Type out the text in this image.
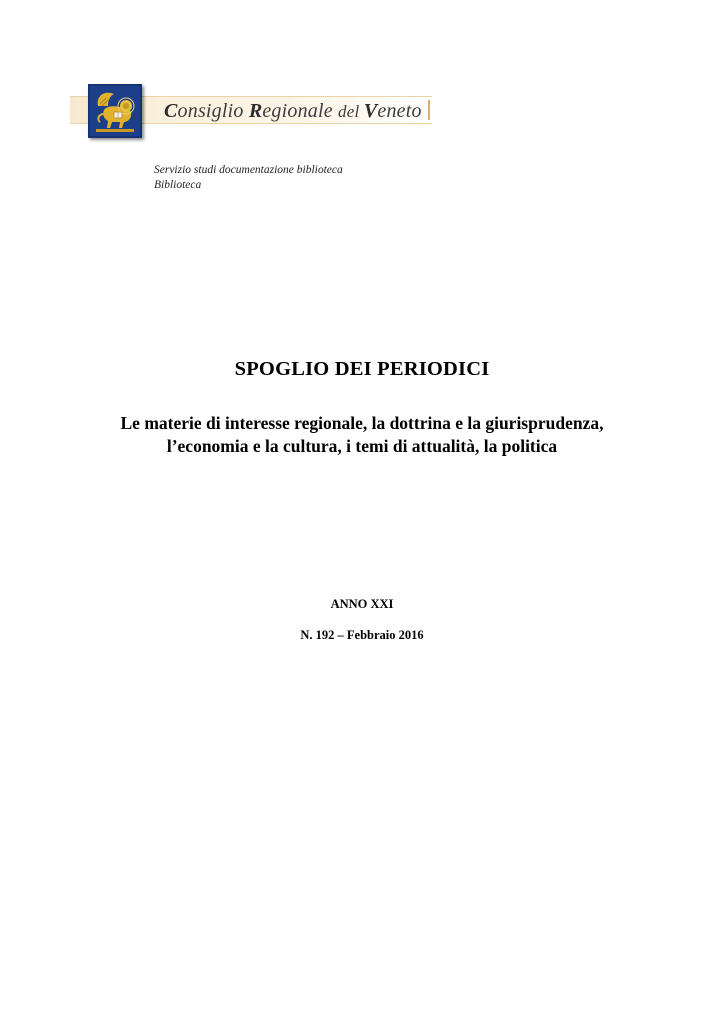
Consiglio Regionale del Veneto
Servizio studi documentazione biblioteca
Biblioteca
SPOGLIO DEI PERIODICI
Le materie di interesse regionale, la dottrina e la giurisprudenza,
l’economia e la cultura, i temi di attualità, la politica
ANNO XXI
N. 192 – Febbraio 2016
